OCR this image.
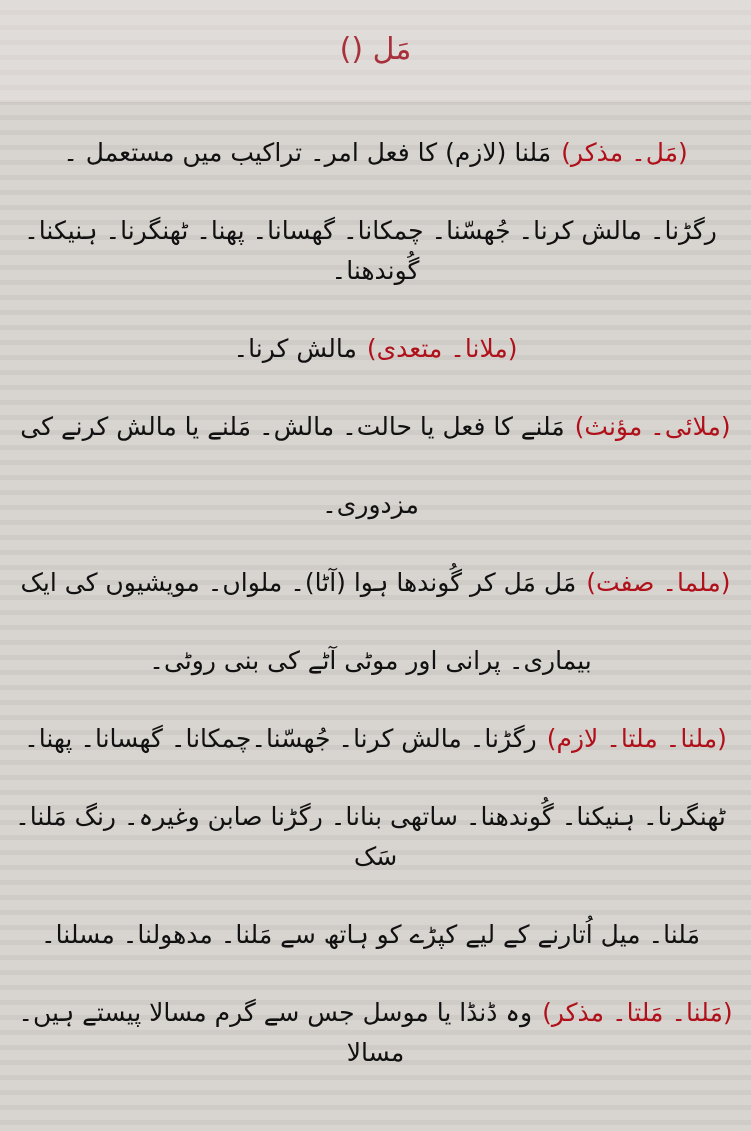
مَل ()
(مَل۔ مذکر)مَلنا (لازم) کا فعل امر۔ تراکیب میں مستعمل ۔
رگڑنا۔ مالش کرنا۔ جُھسّنا۔ چمکانا۔ گھسانا۔ پھنا۔ ٹھنگرنا۔ ہنیکنا۔ گُوندھنا۔
(ملانا۔ متعدی)مالش کرنا۔
(ملائی۔ مؤنث)مَلنے کا فعل یا حالت۔ مالش۔ مَلنے یا مالش کرنے کی
مزدوری۔
(ملما۔ صفت)مَل مَل کر گُوندھا ہوا (آٹا)۔ ملواں۔ مویشیوں کی ایک
بیماری۔ پرانی اور موٹی آٹے کی بنی روٹی۔
(ملنا۔ ملتا۔ لازم)رگڑنا۔ مالش کرنا۔ جُھسّنا۔چمکانا۔ گھسانا۔ پھنا۔
ٹھنگرنا۔ ہنیکنا۔ گُوندھنا۔ ساتھی بنانا۔ رگڑنا صابن وغیرہ۔ رنگ مَلنا۔ سَک
مَلنا۔ میل اُتارنے کے لیے کپڑے کو ہاتھ سے مَلنا۔ مدھولنا۔ مسلنا۔
(مَلنا۔ مَلتا۔ مذکر)وہ ڈنڈا یا موسل جس سے گرم مسالا پیستے ہیں۔ مسالا
